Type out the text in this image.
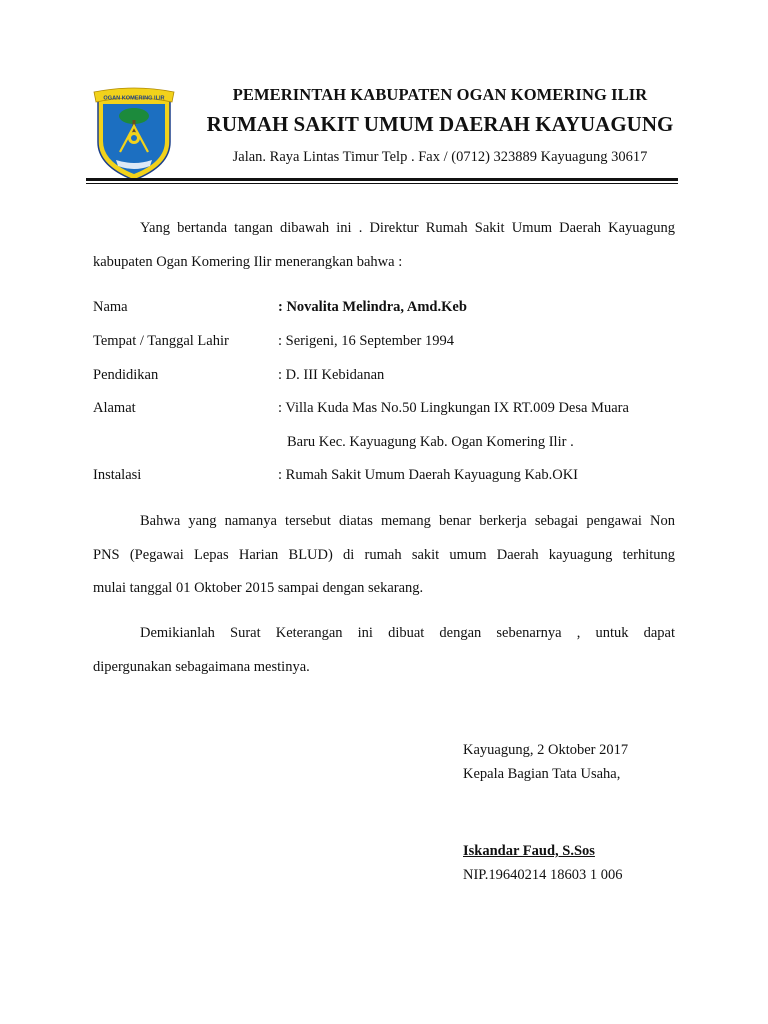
OGAN KOMERING ILIR	PEMERINTAH KABUPATEN OGAN KOMERING ILIR
RUMAH SAKIT UMUM DAERAH KAYUAGUNG
Jalan. Raya Lintas Timur Telp . Fax / (0712) 323889 Kayuagung 30617
Yang bertanda tangan dibawah ini . Direktur Rumah Sakit Umum Daerah Kayuagung
kabupaten Ogan Komering Ilir menerangkan bahwa :
Nama	: Novalita Melindra, Amd.Keb
Tempat / Tanggal Lahir	: Serigeni, 16 September 1994
Pendidikan	: D. III Kebidanan
Alamat	: Villa Kuda Mas No.50 Lingkungan IX RT.009 Desa Muara
Baru Kec. Kayuagung Kab. Ogan Komering Ilir .
Instalasi	: Rumah Sakit Umum Daerah Kayuagung Kab.OKI
Bahwa yang namanya tersebut diatas memang benar berkerja sebagai pengawai Non
PNS (Pegawai Lepas Harian BLUD) di rumah sakit umum Daerah kayuagung terhitung
mulai tanggal 01 Oktober 2015 sampai dengan sekarang.
Demikianlah Surat Keterangan ini dibuat dengan sebenarnya , untuk dapat
dipergunakan sebagaimana mestinya.
Kayuagung, 2 Oktober 2017
Kepala Bagian Tata Usaha,
Iskandar Faud, S.Sos
NIP.19640214 18603 1 006
